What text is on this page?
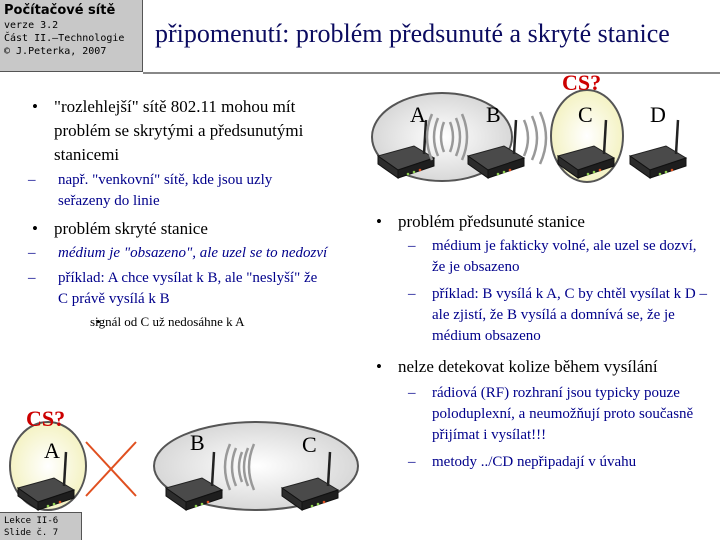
Počítačové sítě
verze 3.2
Část II.–Technologie
© J.Peterka, 2007
připomenutí: problém předsunuté a skryté stanice
• "rozlehlejší" sítě 802.11 mohou mít problém se skrytými a předsunutými stanicemi
– např. "venkovní" sítě, kde jsou uzly seřazeny do linie
• problém skryté stanice
– médium je "obsazeno", ale uzel se to nedozví
– příklad: A chce vysílat k B, ale "neslyší" že C právě vysílá k B
• signál od C už nedosáhne k A
• problém předsunuté stanice
– médium je fakticky volné, ale uzel se dozví, že je obsazeno
– příklad: B vysílá k A, C by chtěl vysílat k D – ale zjistí, že B vysílá a domnívá se, že je médium obsazeno
• nelze detekovat kolize během vysílání
– rádiová (RF) rozhraní jsou typicky pouze poloduplexní, a neumožňují proto současně přijímat i vysílat!!!
– metody ../CD nepřipadají v úvahu
A	B	C	D
CS?
A	B	C
CS?
Lekce II-6
Slide č. 7
